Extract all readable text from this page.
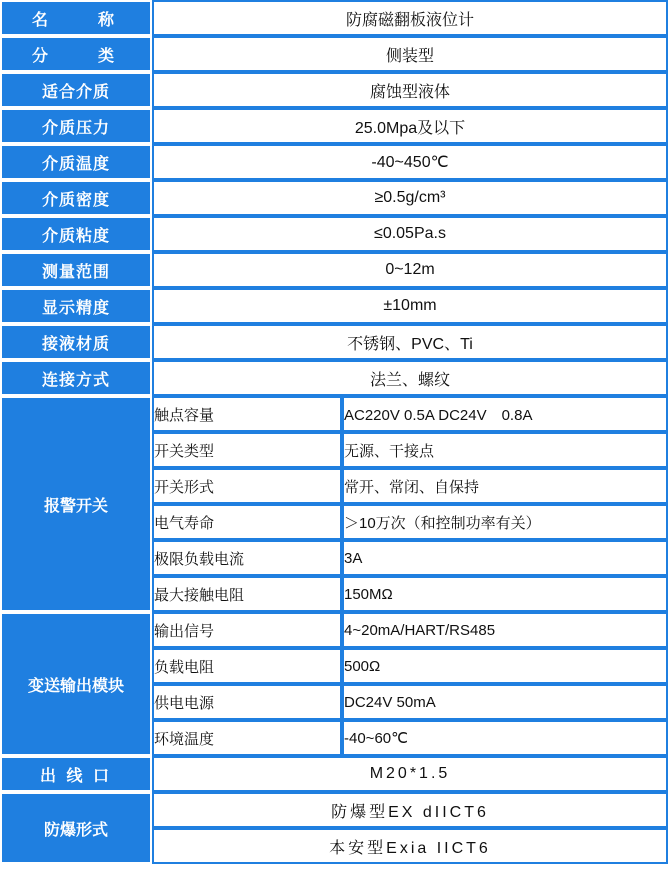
名　　称	防腐磁翻板液位计
分　　类	侧装型
适合介质	腐蚀型液体
介质压力	25.0Mpa及以下
介质温度	-40~450℃
介质密度	≥0.5g/cm³
介质粘度	≤0.05Pa.s
测量范围	0~12m
显示精度	±10mm
接液材质	不锈钢、PVC、Ti
连接方式	法兰、螺纹
报警开关	
触点容量	AC220V 0.5A DC24V　0.8A
开关类型	无源、干接点
开关形式	常开、常闭、自保持
电气寿命	＞10万次（和控制功率有关）
极限负载电流	3A
最大接触电阻	150MΩ

变送输出模块	
输出信号	4~20mA/HART/RS485
负载电阻	500Ω
供电电源	DC24V 50mA
环境温度	-40~60℃

出 线 口	M20*1.5
防爆形式	
防爆型EX dIICT6
本安型Exia IICT6
